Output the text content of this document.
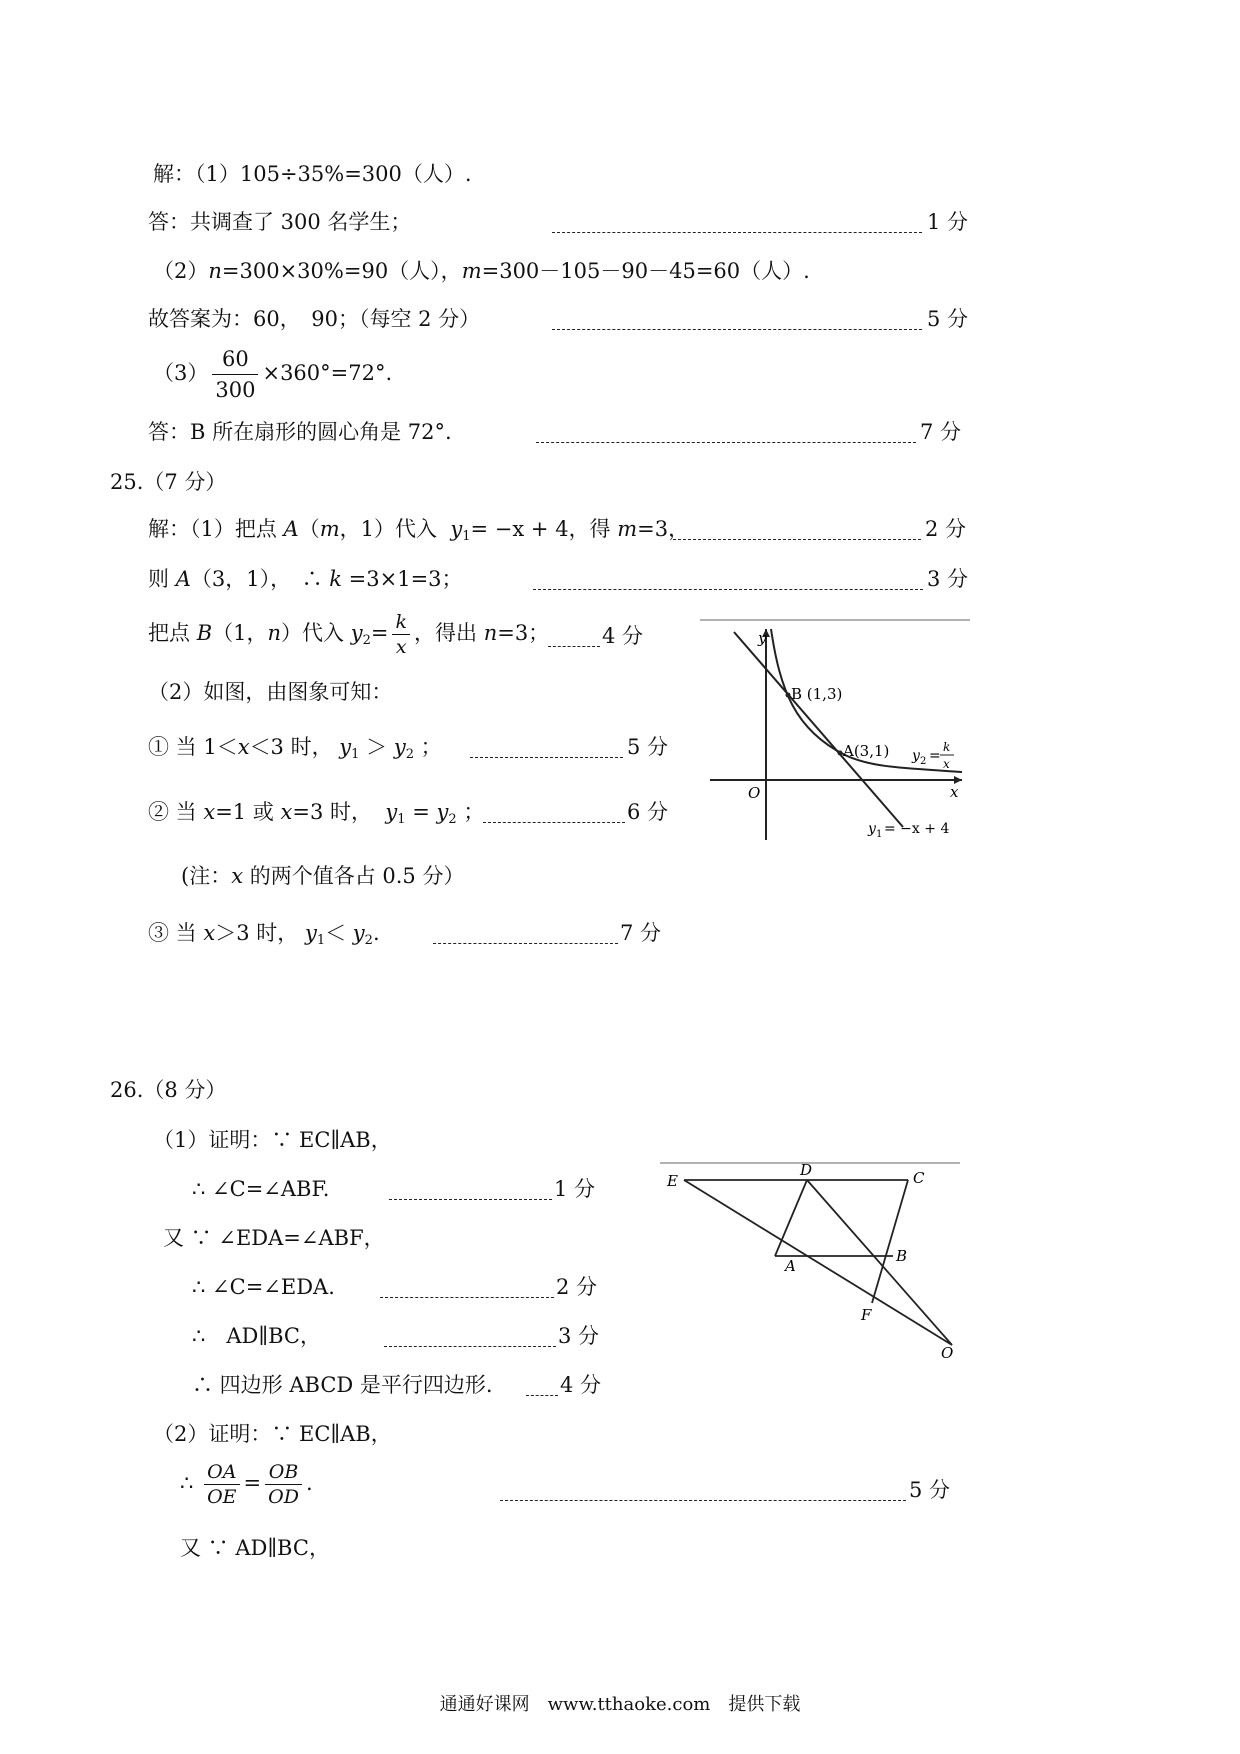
解：（1）105÷35%=300（人）.
答：共调查了 300 名学生；	1 分
（2）n=300×30%=90（人），m=300－105－90－45=60（人）.
故答案为：60，　90；（每空 2 分）	5 分
$(3) \frac{60}{300} \times 360^\circ=72^\circ$.
答：B 所在扇形的圆心角是 72°.	7 分
25.（7 分）
解：（1）把点 A（m，1）代入 $y_1= -x + 4$，得 m=3，	2 分
则 A（3，1），　∴ k =3×1=3；	3 分
把点 B（1，n）代入 $y_2= \frac{k}{x}$ ，得出 n=3；	4 分
（2）如图，由图象可知：
① 当 1＜x＜3 时， $y_1 > y_2$ ；	5 分
② 当 x=1 或 x=3 时， $y_1 = y_2$ ；	6 分
(注：x 的两个值各占 0.5 分）
③ 当 x＞3 时， $y_1< y_2$.	7 分
y
x
O
B (1,3)
A(3,1) y 2 =
k
x
y 1 = −x + 4
26.（8 分）
（1）证明：∵ EC∥AB，
∴ ∠C=∠ABF.	1 分
又 ∵ ∠EDA=∠ABF，
∴ ∠C=∠EDA.	2 分
∴　AD∥BC，	3 分
∴ 四边形 ABCD 是平行四边形.	4 分
（2）证明：∵ EC∥AB，
∴ $\frac{OA}{OE} = \frac{OB}{OD}$ .	5 分
又 ∵ AD∥BC，
E
D	C
A
B
F
O
通通好课网　www.tthaoke.com　提供下载
